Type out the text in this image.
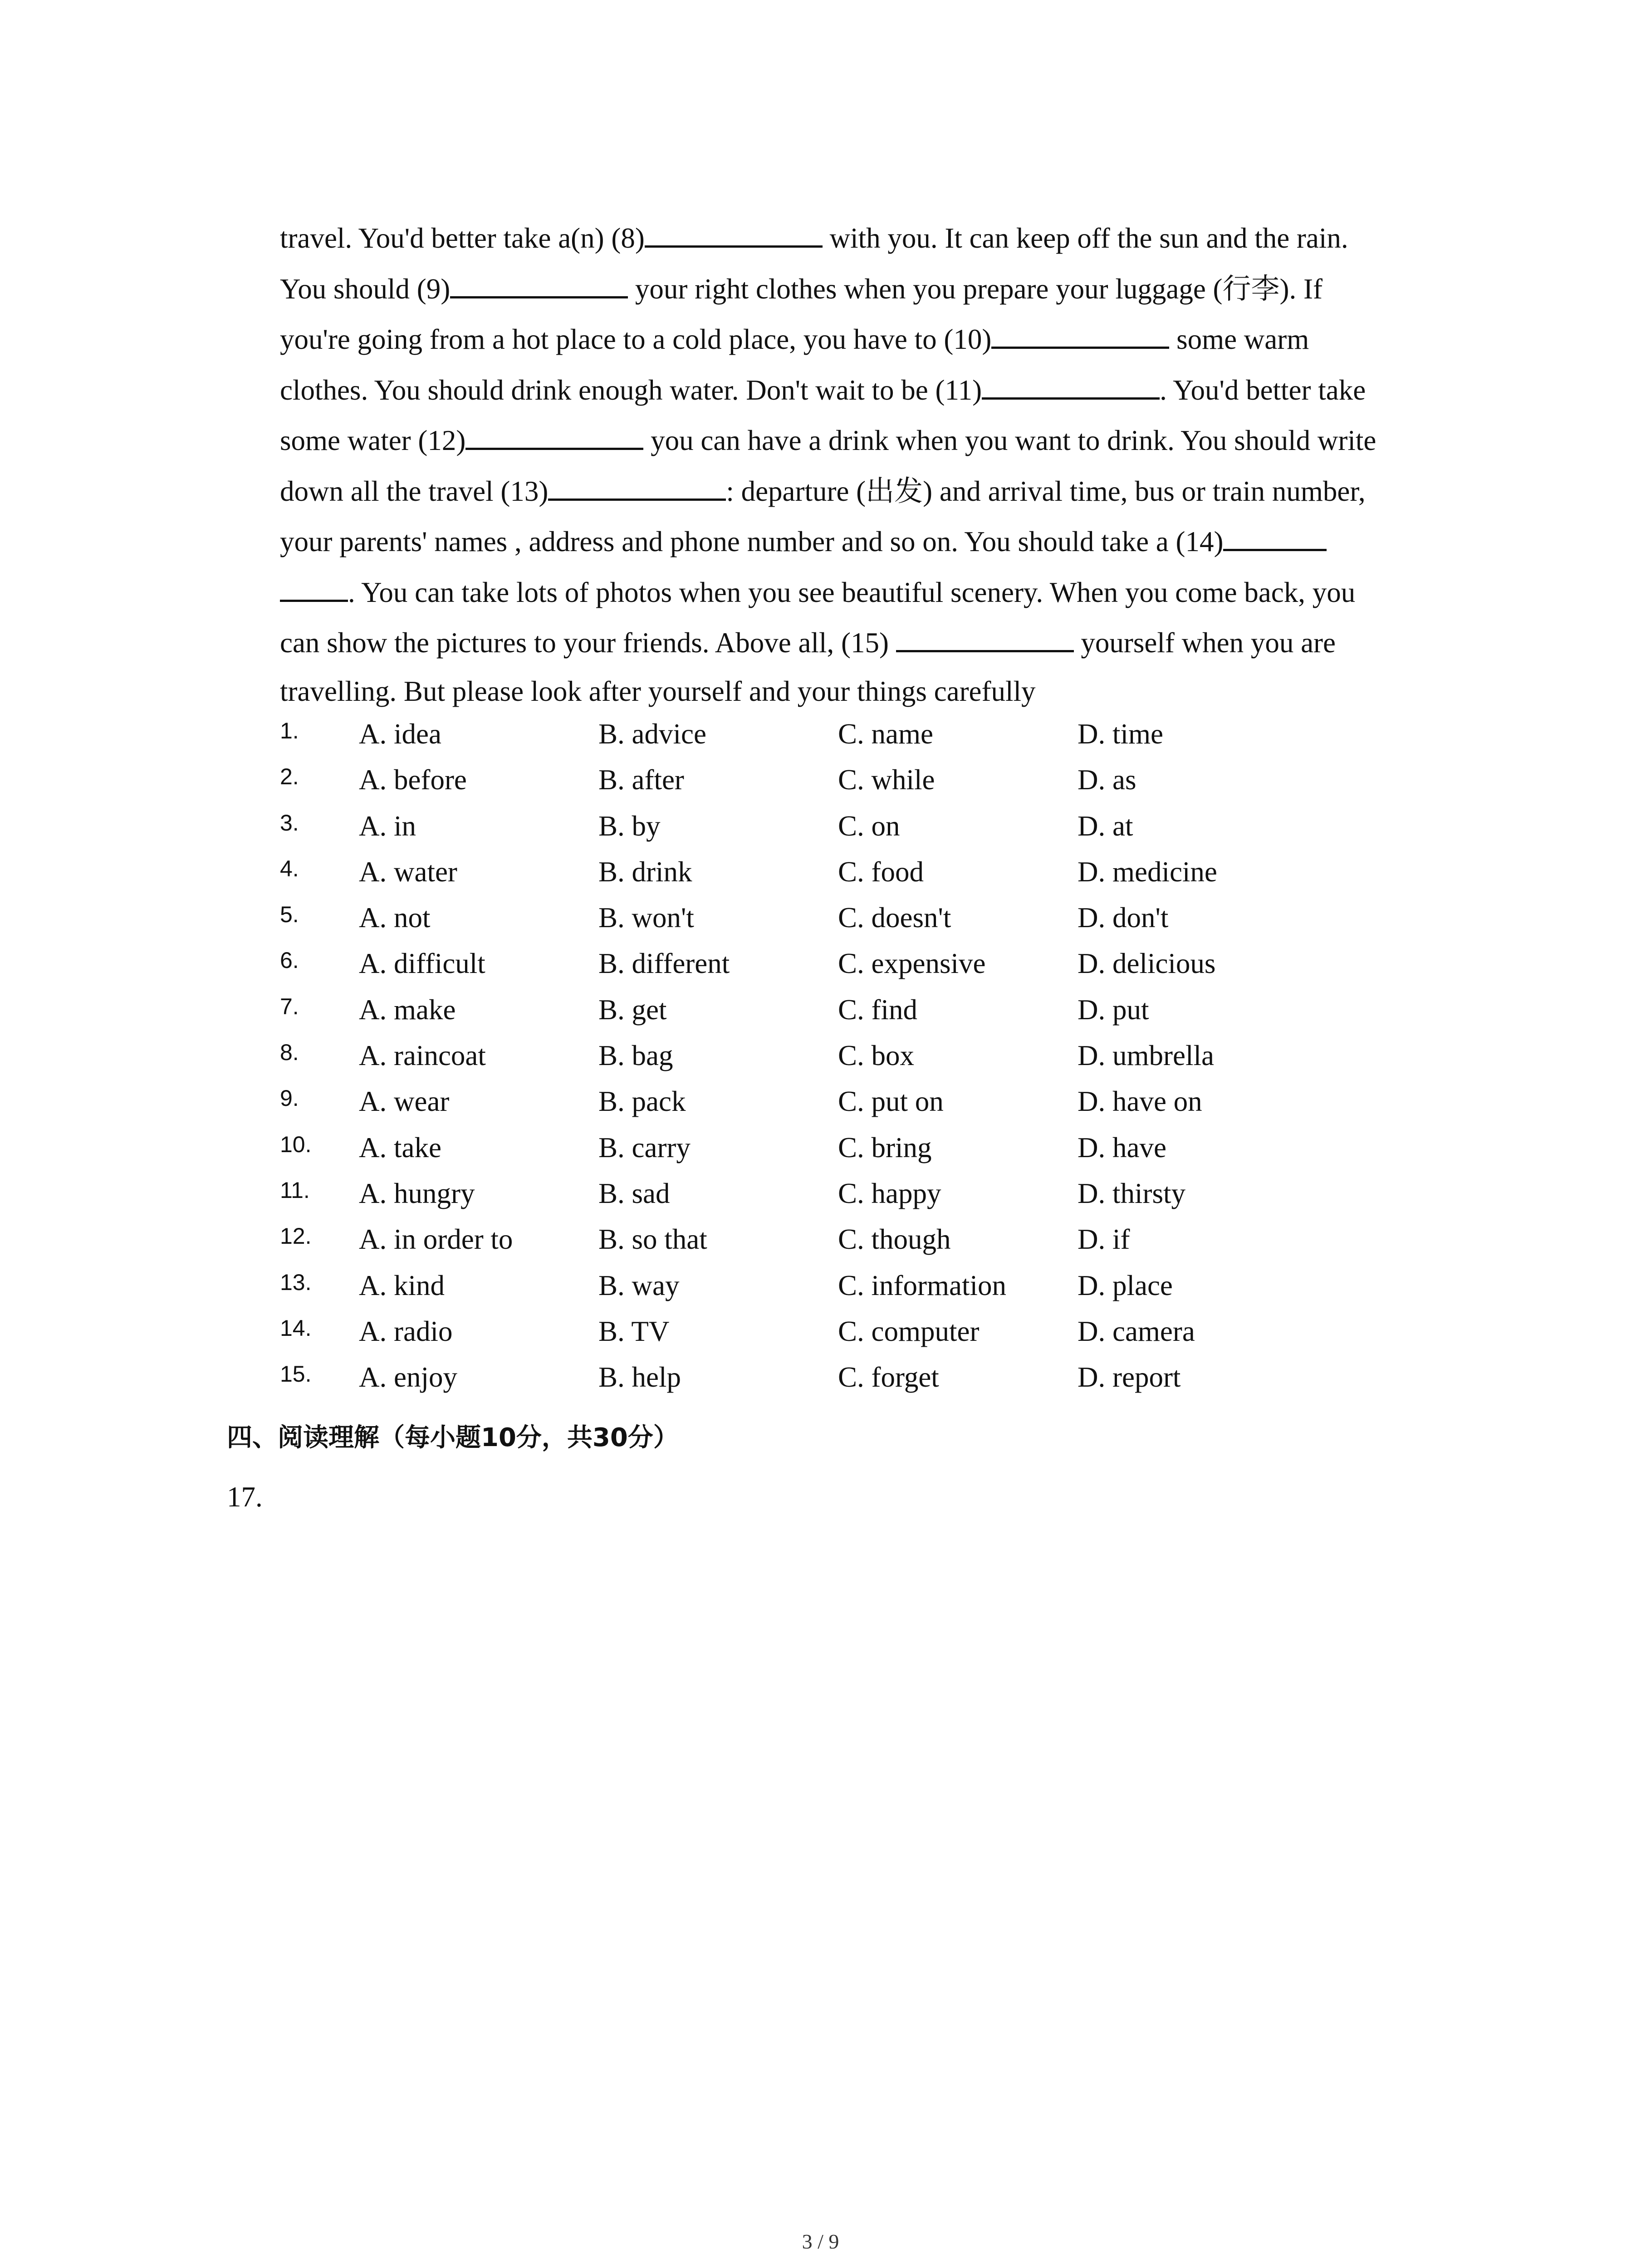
travel. You'd better take a(n) (8)	with you. It can keep off the sun and the rain.
You should (9)	your right clothes when you prepare your luggage (行李). If
you're going from a hot place to a cold place, you have to (10)	some warm
clothes. You should drink enough water. Don't wait to be (11)	. You'd better take
some water (12)	you can have a drink when you want to drink. You should write
down all the travel (13)	: departure (出发) and arrival time, bus or train number,
your parents' names , address and phone number and so on. You should take a (14)
. You can take lots of photos when you see beautiful scenery. When you come back, you
can show the pictures to your friends. Above all, (15)	yourself when you are
travelling. But please look after yourself and your things carefully
1.	A. idea	B. advice	C. name	D. time
2.	A. before	B. after	C. while	D. as
3.	A. in	B. by	C. on	D. at
4.	A. water	B. drink	C. food	D. medicine
5.	A. not	B. won't	C. doesn't	D. don't
6.	A. difficult	B. different	C. expensive	D. delicious
7.	A. make	B. get	C. find	D. put
8.	A. raincoat	B. bag	C. box	D. umbrella
9.	A. wear	B. pack	C. put on	D. have on
10.	A. take	B. carry	C. bring	D. have
11.	A. hungry	B. sad	C. happy	D. thirsty
12.	A. in order to	B. so that	C. though	D. if
13.	A. kind	B. way	C. information D. place
14.	A. radio	B. TV	C. computer	D. camera
15.	A. enjoy	B. help	C. forget	D. report
四、阅读理解（每小题10分，共30分）
17.
3 / 9
